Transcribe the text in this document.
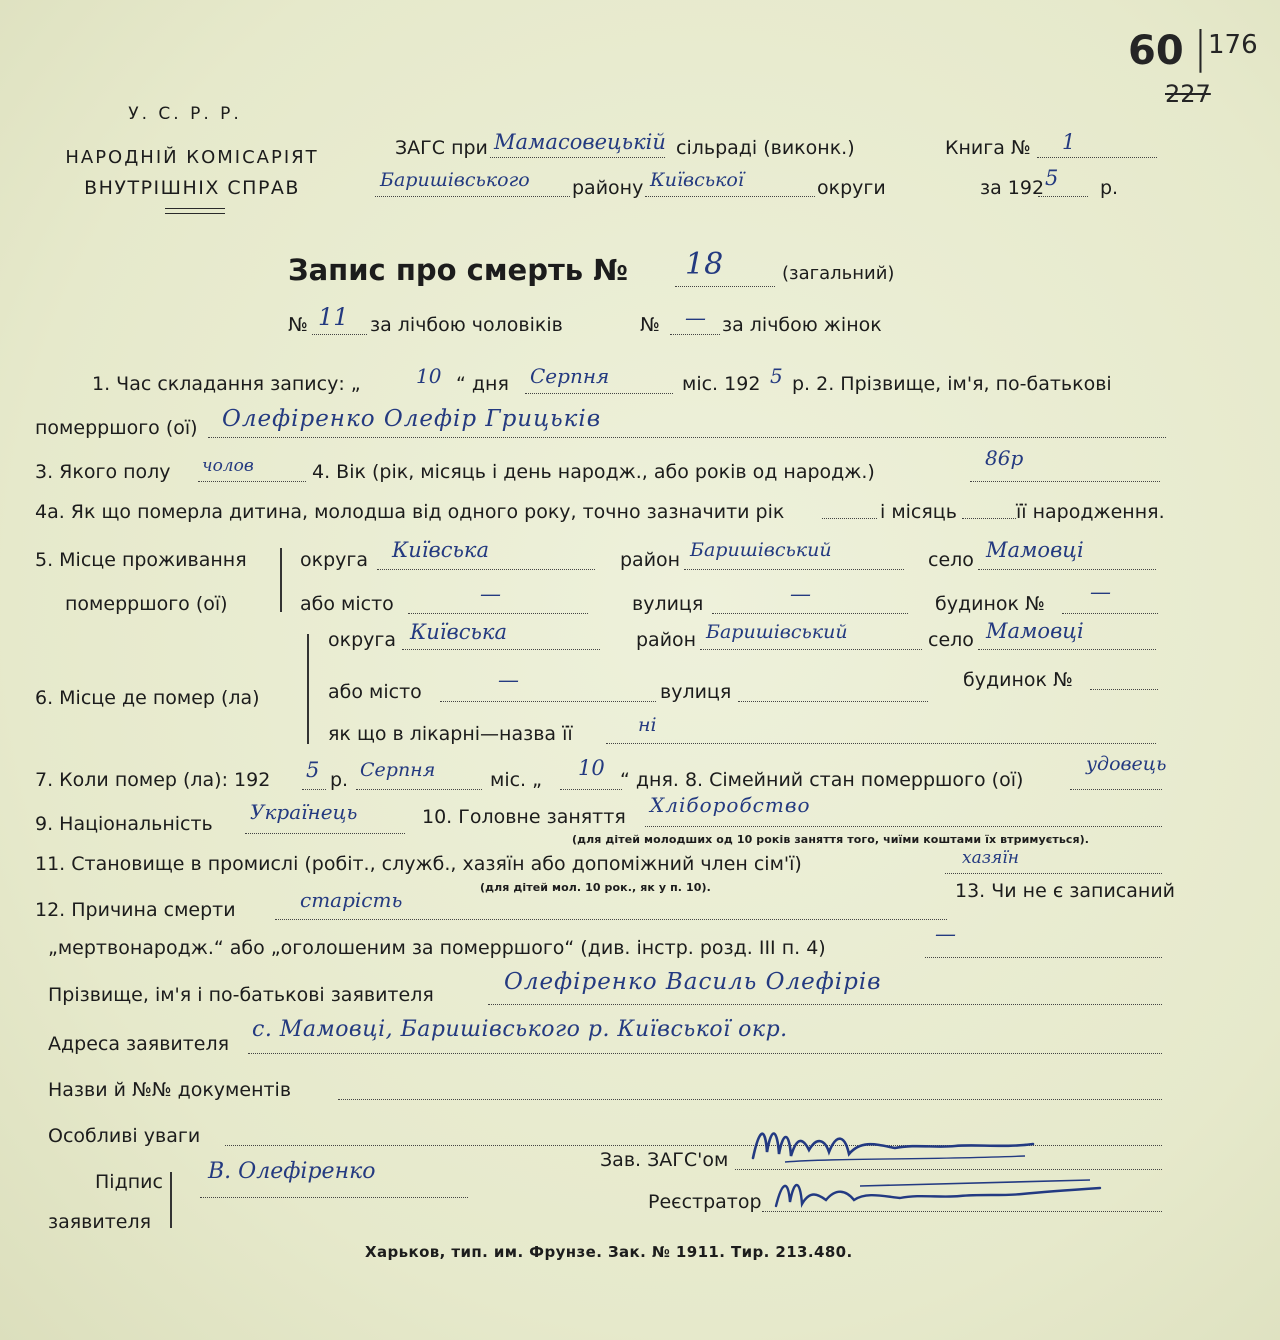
У. С. Р. Р.
НАРОДНІЙ КОМІСАРІЯТ
ВНУТРІШНІХ СПРАВ
60 | 176
227
ЗАГС при Мамасовецькій сільраді (виконк.)	Книга № 1
Баришівського району Київської	округи	за 192 5 р.
Запис про смерть № 18	(загальний)
№ 11 за лічбою чоловіків	№ — за лічбою жінок
1. Час складання запису: „	10 “ дня Серпня	міс. 192 5 р. 2. Прізвище, ім'я, по-батькові
померршого (ої) Олефіренко Олефір Грицьків
3. Якого полу чолов	4. Вік (рік, місяць і день народж., або років од народж.)
86р
4а. Як що померла дитина, молодша від одного року, точно зазначити рік	і місяць	її народження.
5. Місце проживання
померршого (ої)
округа Київська	район Баришівський	село Мамовці
або місто	—	вулиця	—	будинок № —
6. Місце де помер (ла)
округа Київська	район Баришівський	село Мамовці
або місто	—	вулиця
будинок №
як що в лікарні—назва її	ні
7. Коли помер (ла): 192 5 р. Серпня	міс. „ 10 “ дня. 8. Сімейний стан померршого (ої)
удовець
9. Національність Українець	10. Головне заняття Хліборобство
(для дітей молодших од 10 років заняття того, чиїми коштами їх втримується).
11. Становище в промислі (робіт., служб., хазяїн або допоміжний член сім'ї)	хазяїн
(для дітей мол. 10 рок., як у п. 10).
12. Причина смерти	старість	13. Чи не є записаний
„мертвонародж.“ або „оголошеним за померршого“ (див. інстр. розд. III п. 4)
—
Прізвище, ім'я і по-батькові заявителя	Олефіренко Василь Олефірів
Адреса заявителя
с. Мамовці, Баришівського р. Київської окр.
Назви й №№ документів
Особливі уваги
Підпис
заявителя
В. Олефіренко	Зав. ЗАГС'ом
Реєстратор
Харьков, тип. им. Фрунзе. Зак. № 1911. Тир. 213.480.
